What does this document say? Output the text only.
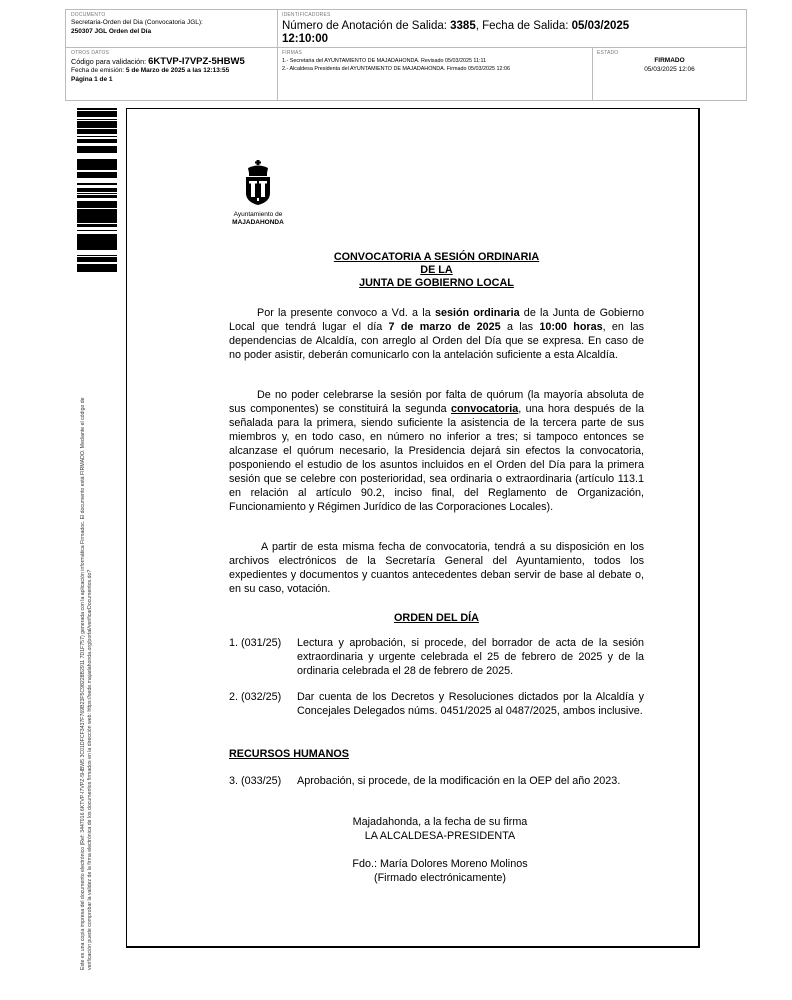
DOCUMENTO
Secretaria-Orden del Dia (Convocatoria JGL):
250307 JGL Orden del Día
IDENTIFICADORES
Número de Anotación de Salida: 3385, Fecha de Salida: 05/03/2025
12:10:00
OTROS DATOS
Código para validación: 6KTVP-I7VPZ-5HBW5
Fecha de emisión: 5 de Marzo de 2025 a las 12:13:55
Página 1 de 1
FIRMAS
1.- Secretaria del AYUNTAMIENTO DE MAJADAHONDA. Revisado 05/03/2025 11:11
2.- Alcaldesa Presidenta del AYUNTAMIENTO DE MAJADAHONDA. Firmado 05/03/2025 12:06
ESTADO
FIRMADO
05/03/2025 12:06
Este es una copia impresa del documento electrónico (Ref: 3447016 6KTVP-I7VPZ-5HBW5 3C01DFCF3437F769B23F5C98228B2911 7D1F757) generada con la aplicación informática Firmadoc. El documento está FIRMADO. Mediante el código de verificación puede comprobar la validez de la firma electrónica de los documentos firmados en la dirección web: https://sede.majadahonda.org/portal/verificarDocumentos.do?
Ayuntamiento de
MAJADAHONDA
CONVOCATORIA A SESIÓN ORDINARIA
DE LA
JUNTA DE GOBIERNO LOCAL
Por la presente convoco a Vd. a la sesión ordinaria de la Junta de Gobierno Local que tendrá lugar el día 7 de marzo de 2025 a las 10:00 horas, en las dependencias de Alcaldía, con arreglo al Orden del Día que se expresa. En caso de no poder asistir, deberán comunicarlo con la antelación suficiente a esta Alcaldía.
De no poder celebrarse la sesión por falta de quórum (la mayoría absoluta de sus componentes) se constituirá la segunda convocatoria, una hora después de la señalada para la primera, siendo suficiente la asistencia de la tercera parte de sus miembros y, en todo caso, en número no inferior a tres; si tampoco entonces se alcanzase el quórum necesario, la Presidencia dejará sin efectos la convocatoria, posponiendo el estudio de los asuntos incluidos en el Orden del Día para la primera sesión que se celebre con posterioridad, sea ordinaria o extraordinaria (artículo 113.1 en relación al artículo 90.2, inciso final, del Reglamento de Organización, Funcionamiento y Régimen Jurídico de las Corporaciones Locales).
A partir de esta misma fecha de convocatoria, tendrá a su disposición en los archivos electrónicos de la Secretaría General del Ayuntamiento, todos los expedientes y documentos y cuantos antecedentes deban servir de base al debate o, en su caso, votación.
ORDEN DEL DÍA
1. (031/25)	Lectura y aprobación, si procede, del borrador de acta de la sesión extraordinaria y urgente celebrada el 25 de febrero de 2025 y de la ordinaria celebrada el 28 de febrero de 2025.
2. (032/25)	Dar cuenta de los Decretos y Resoluciones dictados por la Alcaldía y Concejales Delegados núms. 0451/2025 al 0487/2025, ambos inclusive.
RECURSOS HUMANOS
3. (033/25)	Aprobación, si procede, de la modificación en la OEP del año 2023.
Majadahonda, a la fecha de su firma
LA ALCALDESA-PRESIDENTA
Fdo.: María Dolores Moreno Molinos
(Firmado electrónicamente)
